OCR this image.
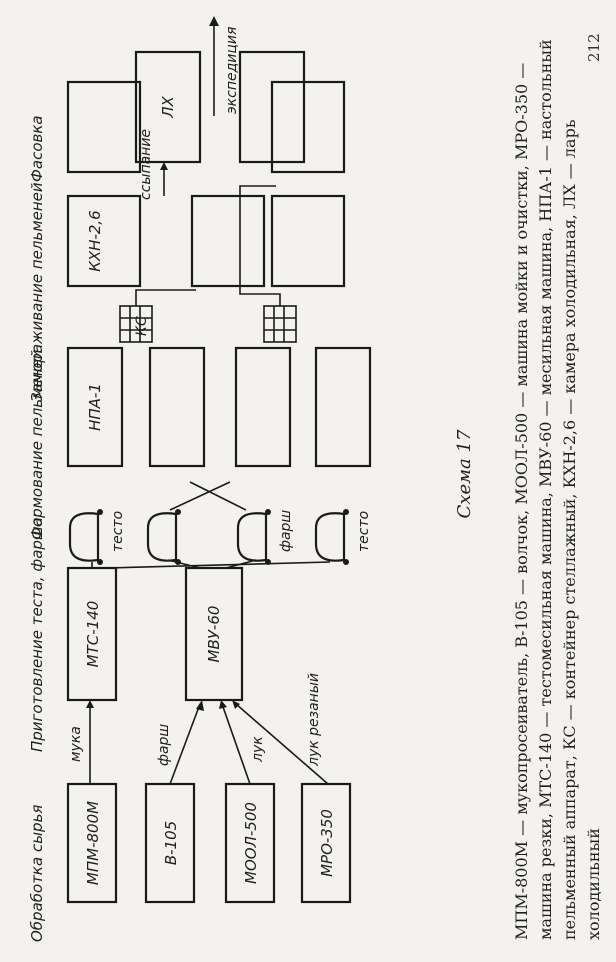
Обработка сырья
Приготовление теста, фарша
Формование пельменей
Замораживание пельменей
Фасовка
МПМ-800М	В-105	МООЛ-500	МРО-350
МТС-140	МВУ-60
мука	фарш	лук	лук резаный
тесто	фарш	тесто
НПА-1
КС
КХН-2,6
ЛХ
ссыпание
экспедиция
Схема 17 МПМ-800М — мукопросеиватель, В-105 — волчок, МООЛ-500 — машина мойки и очистки, МРО-350 — машина резки, МТС-140 — тестомесильная машина, МВУ-60 — месильная машина, НПА-1 — настольный пельменный аппарат, КС — контейнер стеллажный, КХН-2,6 — камера холодильная, ЛХ — ларь холодильный

212
